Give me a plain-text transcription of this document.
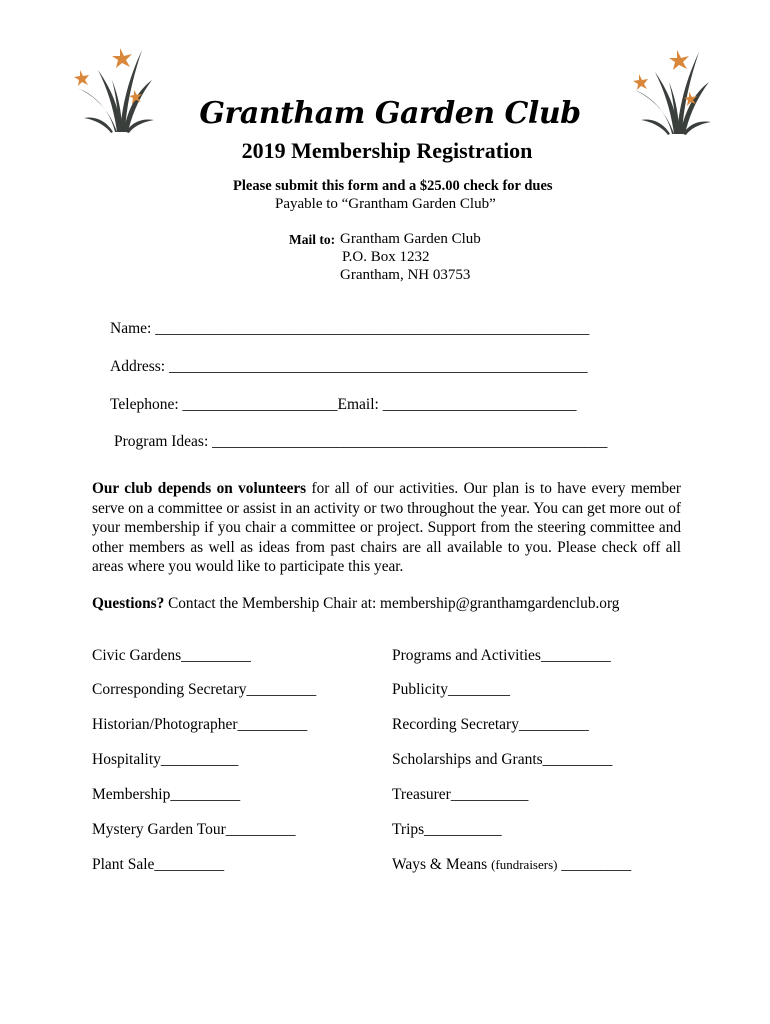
Grantham Garden Club
2019 Membership Registration
Please submit this form and a $25.00 check for dues
Payable to “Grantham Garden Club”
Mail to: Grantham Garden Club
P.O. Box 1232
Grantham, NH 03753
Name: ________________________________________________________
Address: ______________________________________________________
Telephone: ____________________Email: _________________________
Program Ideas: ___________________________________________________
Our club depends on volunteers for all of our activities. Our plan is to have every member serve on a committee or assist in an activity or two throughout the year. You can get more out of your membership if you chair a committee or project. Support from the steering committee and other members as well as ideas from past chairs are all available to you. Please check off all areas where you would like to participate this year.
Questions? Contact the Membership Chair at: membership@granthamgardenclub.org
Civic Gardens_________
Corresponding Secretary_________
Historian/Photographer_________
Hospitality__________
Membership_________
Mystery Garden Tour_________
Plant Sale_________
Programs and Activities_________
Publicity________
Recording Secretary_________
Scholarships and Grants_________
Treasurer__________
Trips__________
Ways & Means (fundraisers) _________
